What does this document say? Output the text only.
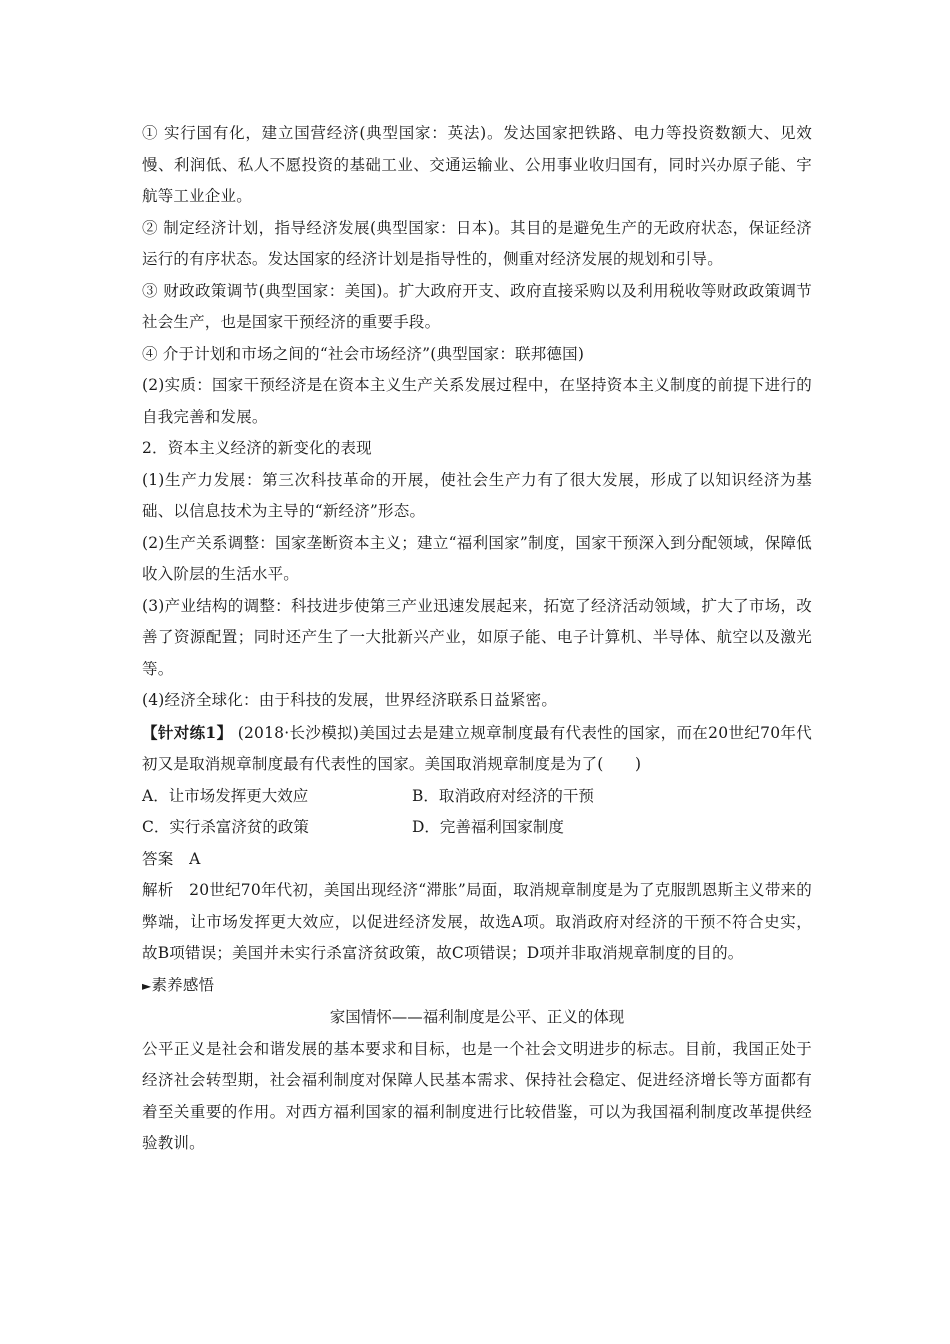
① 实行国有化，建立国营经济(典型国家：英法)。发达国家把铁路、电力等投资数额大、见效慢、利润低、私人不愿投资的基础工业、交通运输业、公用事业收归国有，同时兴办原子能、宇航等工业企业。

② 制定经济计划，指导经济发展(典型国家：日本)。其目的是避免生产的无政府状态，保证经济运行的有序状态。发达国家的经济计划是指导性的，侧重对经济发展的规划和引导。

③ 财政政策调节(典型国家：美国)。扩大政府开支、政府直接采购以及利用税收等财政政策调节社会生产，也是国家干预经济的重要手段。

④ 介于计划和市场之间的“社会市场经济”(典型国家：联邦德国)

(2)实质：国家干预经济是在资本主义生产关系发展过程中，在坚持资本主义制度的前提下进行的自我完善和发展。

2．资本主义经济的新变化的表现

(1)生产力发展：第三次科技革命的开展，使社会生产力有了很大发展，形成了以知识经济为基础、以信息技术为主导的“新经济”形态。

(2)生产关系调整：国家垄断资本主义；建立“福利国家”制度，国家干预深入到分配领域，保障低收入阶层的生活水平。

(3)产业结构的调整：科技进步使第三产业迅速发展起来，拓宽了经济活动领域，扩大了市场，改善了资源配置；同时还产生了一大批新兴产业，如原子能、电子计算机、半导体、航空以及激光等。

(4)经济全球化：由于科技的发展，世界经济联系日益紧密。

【针对练1】 (2018·长沙模拟)美国过去是建立规章制度最有代表性的国家，而在20世纪70年代初又是取消规章制度最有代表性的国家。美国取消规章制度是为了(　　)

A．让市场发挥更大效应	B．取消政府对经济的干预
C．实行杀富济贫的政策	D．完善福利国家制度

答案　A

解析　20世纪70年代初，美国出现经济“滞胀”局面，取消规章制度是为了克服凯恩斯主义带来的弊端，让市场发挥更大效应，以促进经济发展，故选A项。取消政府对经济的干预不符合史实，故B项错误；美国并未实行杀富济贫政策，故C项错误；D项并非取消规章制度的目的。

►素养感悟

家国情怀——福利制度是公平、正义的体现

公平正义是社会和谐发展的基本要求和目标，也是一个社会文明进步的标志。目前，我国正处于经济社会转型期，社会福利制度对保障人民基本需求、保持社会稳定、促进经济增长等方面都有着至关重要的作用。对西方福利国家的福利制度进行比较借鉴，可以为我国福利制度改革提供经验教训。
